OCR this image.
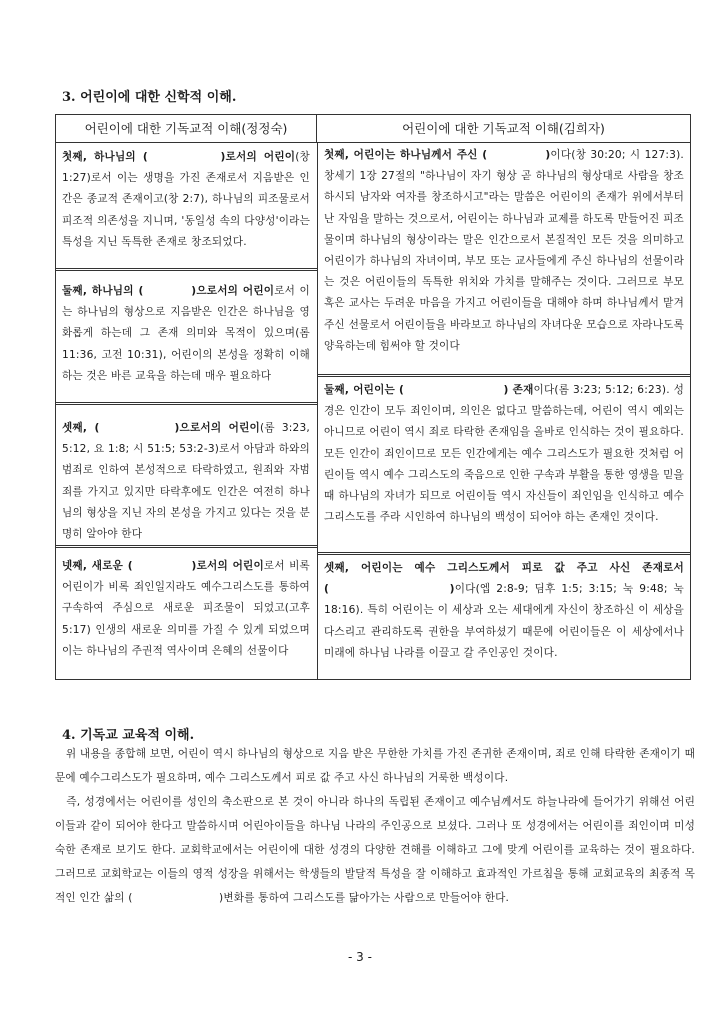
3. 어린이에 대한 신학적 이해.
어린이에 대한 기독교적 이해(정정숙)	어린이에 대한 기독교적 이해(김희자)
첫째, 하나님의 (　　　　　)로서의 어린이(창 1:27)로서 이는 생명을 가진 존재로서 지음받은 인간은 종교적 존재이고(창 2:7), 하나님의 피조물로서 피조적 의존성을 지니며, '동일성 속의 다양성'이라는 특성을 지닌 독특한 존재로 창조되었다.
둘째, 하나님의 (　　　　)으로서의 어린이로서 이는 하나님의 형상으로 지음받은 인간은 하나님을 영화롭게 하는데 그 존재 의미와 목적이 있으며(롬 11:36, 고전 10:31), 어린이의 본성을 정확히 이해하는 것은 바른 교육을 하는데 매우 필요하다
셋째, (　　　　　)으로서의 어린이(롬 3:23, 5:12, 요 1:8; 시 51:5; 53:2-3)로서 아담과 하와의 범죄로 인하여 본성적으로 타락하였고, 원죄와 자범죄를 가지고 있지만 타락후에도 인간은 여전히 하나님의 형상을 지닌 자의 본성을 가지고 있다는 것을 분명히 알아야 한다
넷째, 새로운 (　　　　　)로서의 어린이로서 비록 어린이가 비록 죄인일지라도 예수그리스도를 통하여 구속하여 주심으로 새로운 피조물이 되었고(고후 5:17) 인생의 새로운 의미를 가질 수 있게 되었으며 이는 하나님의 주권적 역사이며 은혜의 선물이다
첫째, 어린이는 하나님께서 주신 (　　　　　)이다(창 30:20; 시 127:3). 창세기 1장 27절의 "하나님이 자기 형상 곧 하나님의 형상대로 사람을 창조하시되 남자와 여자를 창조하시고"라는 말씀은 어린이의 존재가 위에서부터 난 자임을 말하는 것으로서, 어린이는 하나님과 교제를 하도록 만들어진 피조물이며 하나님의 형상이라는 말은 인간으로서 본질적인 모든 것을 의미하고 어린이가 하나님의 자녀이며, 부모 또는 교사들에게 주신 하나님의 선물이라는 것은 어린이들의 독특한 위치와 가치를 말해주는 것이다. 그러므로 부모 혹은 교사는 두려운 마음을 가지고 어린이들을 대해야 하며 하나님께서 맡겨주신 선물로서 어린이들을 바라보고 하나님의 자녀다운 모습으로 자라나도록양육하는데 힘써야 할 것이다
둘째, 어린이는 (　　　　　　　　　) 존재이다(롬 3:23; 5:12; 6:23). 성경은 인간이 모두 죄인이며, 의인은 없다고 말씀하는데, 어린이 역시 예외는 아니므로 어린이 역시 죄로 타락한 존재임을 올바로 인식하는 것이 필요하다. 모든 인간이 죄인이므로 모든 인간에게는 예수 그리스도가 필요한 것처럼 어린이들 역시 예수 그리스도의 죽음으로 인한 구속과 부활을 통한 영생을 믿을 때 하나님의 자녀가 되므로 어린이들 역시 자신들이 죄인임을 인식하고 예수 그리스도를 주라 시인하여 하나님의 백성이 되어야 하는 존재인 것이다.
셋째, 어린이는 예수 그리스도께서 피로 값 주고 사신 존재로서 (　　　　　　　　　)이다(엡 2:8-9; 딤후 1:5; 3:15; 눅 9:48; 눅 18:16). 특히 어린이는 이 세상과 오는 세대에게 자신이 창조하신 이 세상을 다스리고 관리하도록 권한을 부여하셨기 때문에 어린이들은 이 세상에서나 미래에 하나님 나라를 이끌고 갈 주인공인 것이다.
4. 기독교 교육적 이해.

　위 내용을 종합해 보면, 어린이 역시 하나님의 형상으로 지음 받은 무한한 가치를 가진 존귀한 존재이며, 죄로 인해 타락한 존재이기 때문에 예수그리스도가 필요하며, 예수 그리스도께서 피로 값 주고 사신 하나님의 거룩한 백성이다.

　즉, 성경에서는 어린이를 성인의 축소판으로 본 것이 아니라 하나의 독립된 존재이고 예수님께서도 하늘나라에 들어가기 위해선 어린이들과 같이 되어야 한다고 말씀하시며 어린아이들을 하나님 나라의 주인공으로 보셨다. 그러나 또 성경에서는 어린이를 죄인이며 미성숙한 존재로 보기도 한다. 교회학교에서는 어린이에 대한 성경의 다양한 견해를 이해하고 그에 맞게 어린이를 교육하는 것이 필요하다. 그러므로 교회학교는 이들의 영적 성장을 위해서는 학생들의 발달적 특성을 잘 이해하고 효과적인 가르침을 통해 교회교육의 최종적 목적인 인간 삶의 (　　　　　　　　)변화를 통하여 그리스도를 닮아가는 사람으로 만들어야 한다.

- 3 -
